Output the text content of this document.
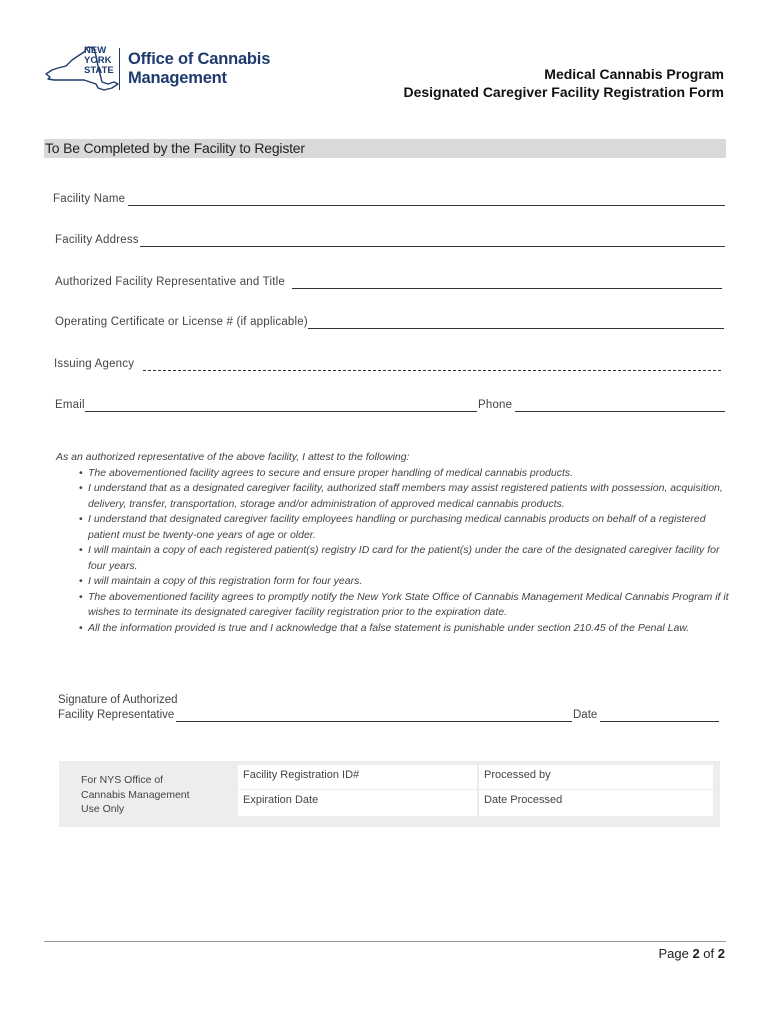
NEW
YORK
STATE
Office of Cannabis
Management	Medical Cannabis Program
Designated Caregiver Facility Registration Form
To Be Completed by the Facility to Register
Facility Name
Facility Address
Authorized Facility Representative and Title
Operating Certificate or License # (if applicable)
Issuing Agency
Email	Phone
As an authorized representative of the above facility, I attest to the following:
• The abovementioned facility agrees to secure and ensure proper handling of medical cannabis products.
• I understand that as a designated caregiver facility, authorized staff members may assist registered patients with possession, acquisition, delivery, transfer, transportation, storage and/or administration of approved medical cannabis products.
• I understand that designated caregiver facility employees handling or purchasing medical cannabis products on behalf of a registered patient must be twenty-one years of age or older.
• I will maintain a copy of each registered patient(s) registry ID card for the patient(s) under the care of the designated caregiver facility for four years.
• I will maintain a copy of this registration form for four years.
• The abovementioned facility agrees to promptly notify the New York State Office of Cannabis Management Medical Cannabis Program if it wishes to terminate its designated caregiver facility registration prior to the expiration date.
• All the information provided is true and I acknowledge that a false statement is punishable under section 210.45 of the Penal Law.
Signature of Authorized
Facility Representative	Date
For NYS Office of
Cannabis Management
Use Only
Facility Registration ID#	Processed by
Expiration Date	Date Processed
Page 2 of 2
